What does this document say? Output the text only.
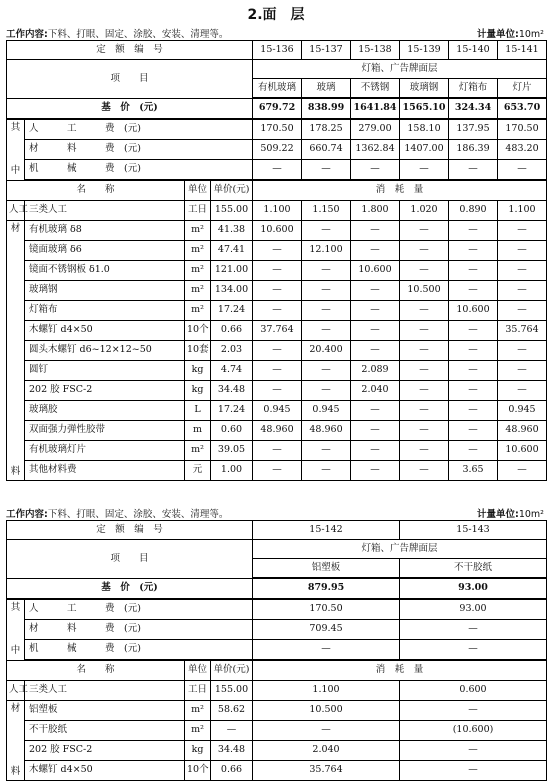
2.面　层
工作内容:下料、打眼、固定、涂胶、安装、清理等。	计量单位:10m²
定　额　编　号				15-136	15-137	15-138	15-139	15-140	15-141
项　　目				灯箱、广告牌面层					
				有机玻璃	玻璃	不锈钢	玻璃钢	灯箱布	灯片
基　价　(元)				679.72	838.99	1641.84	1565.10	324.34	653.70

其
中	人　　　工　　　费　(元)			170.50	178.25	279.00	158.10	137.95	170.50
	材　　　料　　　费　(元)			509.22	660.74	1362.84	1407.00	186.39	483.20
	机　　　械　　　费　(元)			—	—	—	—	—	—
名　　称		单位	单价(元)	消　耗　量					
人工	三类人工	工日	155.00	1.100	1.150	1.800	1.020	0.890	1.100

材
料	有机玻璃 δ8	m²	41.38	10.600	—	—	—	—	—
	镜面玻璃 δ6	m²	47.41	—	12.100	—	—	—	—
	镜面不锈钢板 δ1.0	m²	121.00	—	—	10.600	—	—	—
	玻璃钢	m²	134.00	—	—	—	10.500	—	—
	灯箱布	m²	17.24	—	—	—	—	10.600	—
	木螺钉 d4×50	10个	0.66	37.764	—	—	—	—	35.764
	圆头木螺钉 d6~12×12~50	10套	2.03	—	20.400	—	—	—	—
	圆钉	kg	4.74	—	—	2.089	—	—	—
	202 胶 FSC-2	kg	34.48	—	—	2.040	—	—	—
	玻璃胶	L	17.24	0.945	0.945	—	—	—	0.945
	双面强力弹性胶带	m	0.60	48.960	48.960	—	—	—	48.960
	有机玻璃灯片	m²	39.05	—	—	—	—	—	10.600
	其他材料费	元	1.00	—	—	—	—	3.65	—
工作内容:下料、打眼、固定、涂胶、安装、清理等。	计量单位:10m²
定　额　编　号				15-142	15-143
项　　目				灯箱、广告牌面层	
				铝塑板	不干胶纸
基　价　(元)				879.95	93.00

其
中	人　　　工　　　费　(元)			170.50	93.00
	材　　　料　　　费　(元)			709.45	—
	机　　　械　　　费　(元)			—	—
名　　称		单位	单价(元)	消　耗　量	
人工	三类人工	工日	155.00	1.100	0.600

材
料	铝塑板	m²	58.62	10.500	—
	不干胶纸	m²	—	—	(10.600)
	202 胶 FSC-2	kg	34.48	2.040	—
	木螺钉 d4×50	10个	0.66	35.764	—
